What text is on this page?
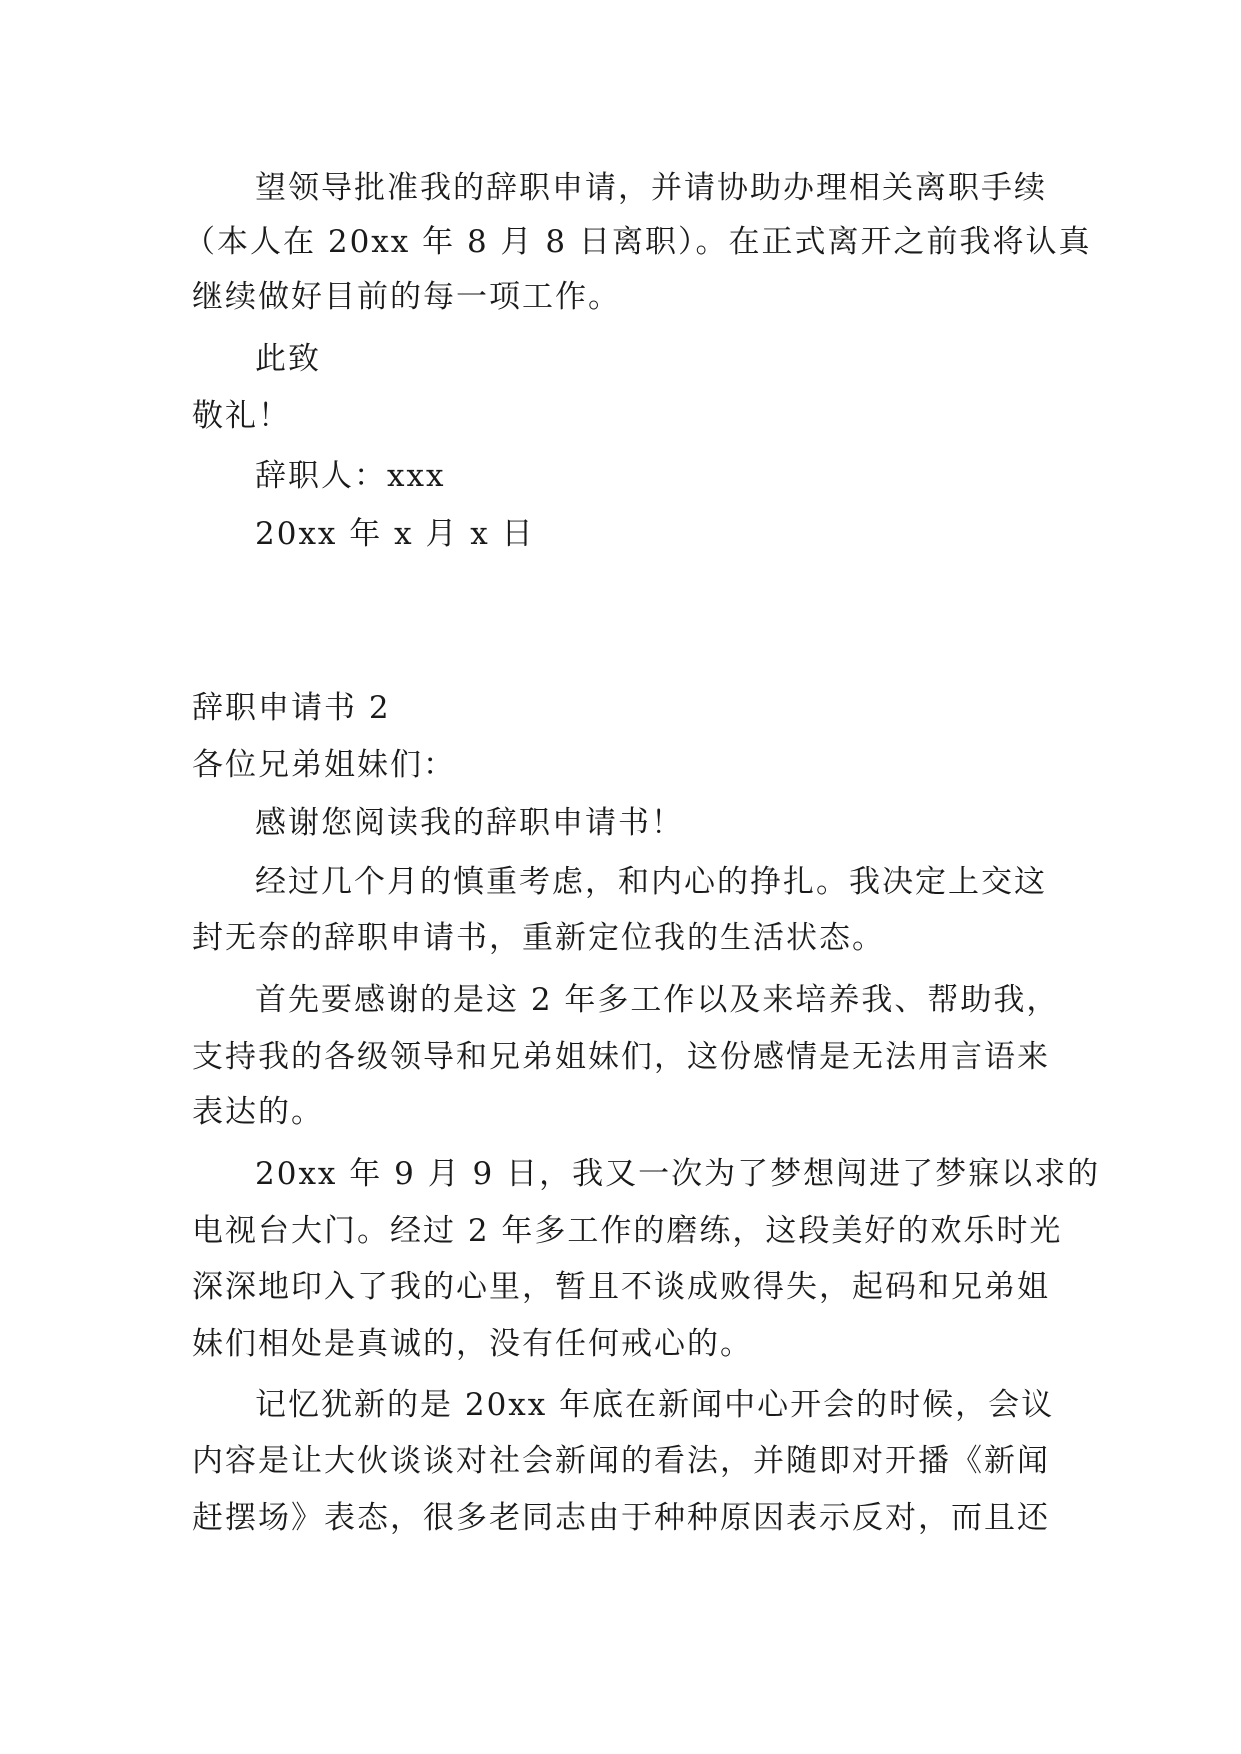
望领导批准我的辞职申请，并请协助办理相关离职手续
（本人在 20xx 年 8 月 8 日离职）。在正式离开之前我将认真
继续做好目前的每一项工作。
此致
敬礼！
辞职人：xxx
20xx 年 x 月 x 日
辞职申请书 2
各位兄弟姐妹们：
感谢您阅读我的辞职申请书！
经过几个月的慎重考虑，和内心的挣扎。我决定上交这
封无奈的辞职申请书，重新定位我的生活状态。
首先要感谢的是这 2 年多工作以及来培养我、帮助我，
支持我的各级领导和兄弟姐妹们，这份感情是无法用言语来
表达的。
20xx 年 9 月 9 日，我又一次为了梦想闯进了梦寐以求的
电视台大门。经过 2 年多工作的磨练，这段美好的欢乐时光
深深地印入了我的心里，暂且不谈成败得失，起码和兄弟姐
妹们相处是真诚的，没有任何戒心的。
记忆犹新的是 20xx 年底在新闻中心开会的时候，会议
内容是让大伙谈谈对社会新闻的看法，并随即对开播《新闻
赶摆场》表态，很多老同志由于种种原因表示反对，而且还
